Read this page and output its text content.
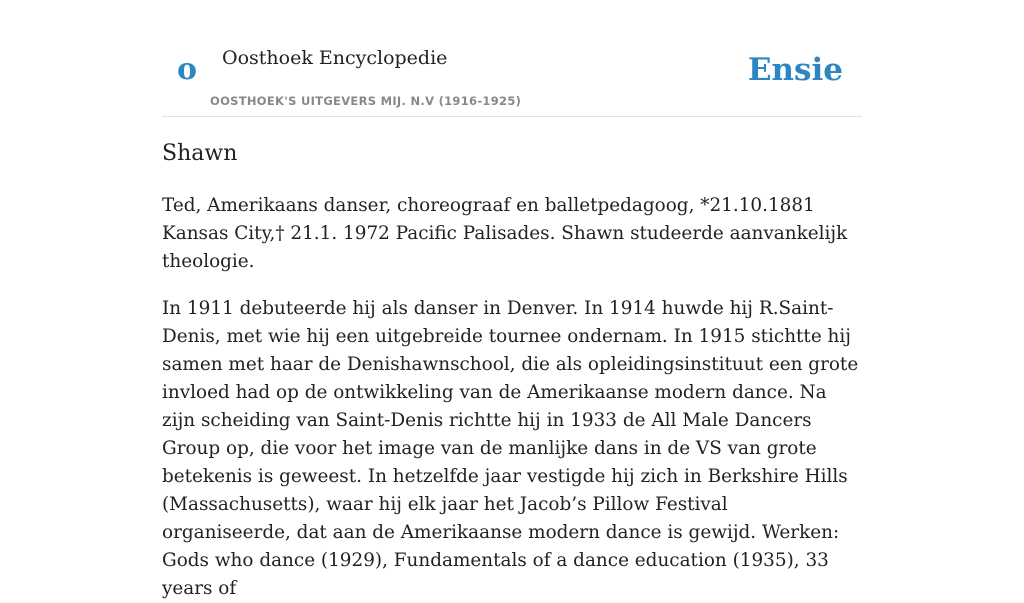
o Oosthoek Encyclopedie
OOSTHOEK'S UITGEVERS MIJ. N.V (1916-1925)
Ensie
Shawn

Ted, Amerikaans danser, choreograaf en balletpedagoog, *21.10.1881 Kansas City,† 21.1. 1972 Pacific Palisades. Shawn studeerde aanvankelijk theologie.

In 1911 debuteerde hij als danser in Denver. In 1914 huwde hij R.Saint-Denis, met wie hij een uitgebreide tournee ondernam. In 1915 stichtte hij samen met haar de Denishawnschool, die als opleidingsinstituut een grote invloed had op de ontwikkeling van de Amerikaanse modern dance. Na zijn scheiding van Saint-Denis richtte hij in 1933 de All Male Dancers Group op, die voor het image van de manlijke dans in de VS van grote betekenis is geweest. In hetzelfde jaar vestigde hij zich in Berkshire Hills (Massachusetts), waar hij elk jaar het Jacob’s Pillow Festival organiseerde, dat aan de Amerikaanse modern dance is gewijd. Werken: Gods who dance (1929), Fundamentals of a dance education (1935), 33 years of
